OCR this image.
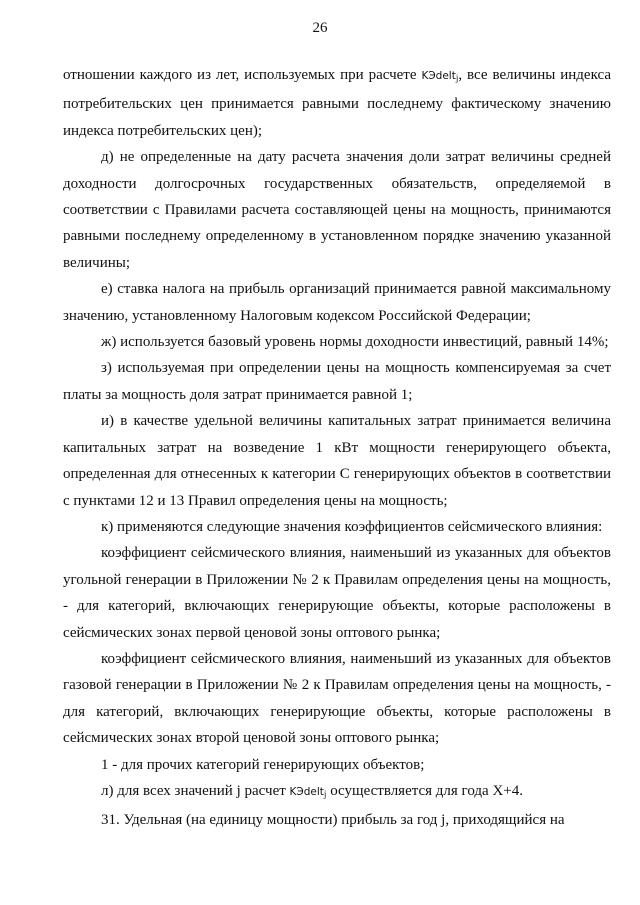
26

отношении каждого из лет, используемых при расчете KЭdelt$_j$, все величины индекса потребительских цен принимается равными последнему фактическому значению индекса потребительских цен);

д) не определенные на дату расчета значения доли затрат величины средней доходности долгосрочных государственных обязательств, определяемой в соответствии с Правилами расчета составляющей цены на мощность, принимаются равными последнему определенному в установленном порядке значению указанной величины;

е) ставка налога на прибыль организаций принимается равной максимальному значению, установленному Налоговым кодексом Российской Федерации;

ж) используется базовый уровень нормы доходности инвестиций, равный 14%;

з) используемая при определении цены на мощность компенсируемая за счет платы за мощность доля затрат принимается равной 1;

и) в качестве удельной величины капитальных затрат принимается величина капитальных затрат на возведение 1 кВт мощности генерирующего объекта, определенная для отнесенных к категории С генерирующих объектов в соответствии с пунктами 12 и 13 Правил определения цены на мощность;

к) применяются следующие значения коэффициентов сейсмического влияния:

коэффициент сейсмического влияния, наименьший из указанных для объектов угольной генерации в Приложении № 2 к Правилам определения цены на мощность, - для категорий, включающих генерирующие объекты, которые расположены в сейсмических зонах первой ценовой зоны оптового рынка;

коэффициент сейсмического влияния, наименьший из указанных для объектов газовой генерации в Приложении № 2 к Правилам определения цены на мощность, - для категорий, включающих генерирующие объекты, которые расположены в сейсмических зонах второй ценовой зоны оптового рынка;

1 - для прочих категорий генерирующих объектов;

л) для всех значений j расчет KЭdelt$_j$ осуществляется для года X+4.

31. Удельная (на единицу мощности) прибыль за год j, приходящийся на
